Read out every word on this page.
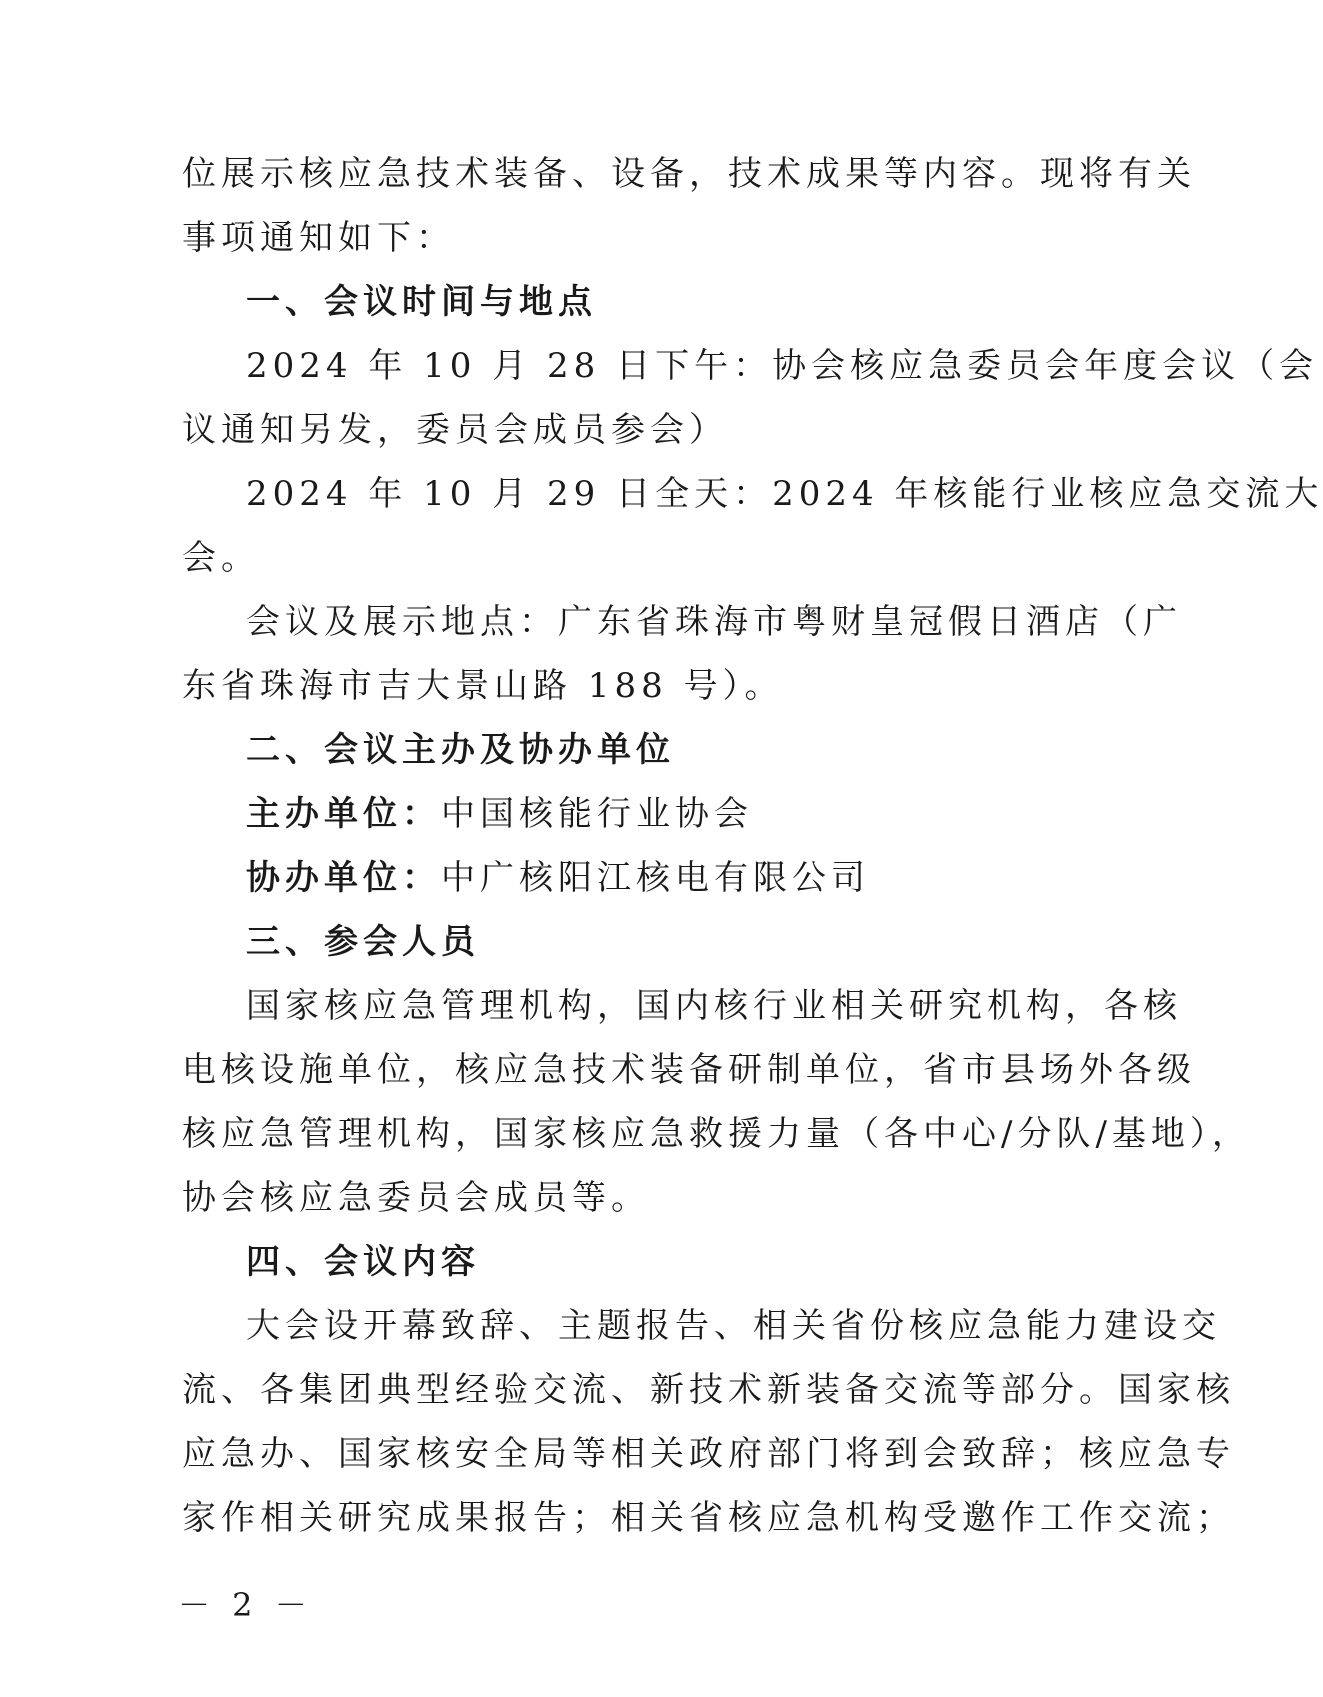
位展示核应急技术装备、设备，技术成果等内容。现将有关
事项通知如下：
一、会议时间与地点
2024 年 10 月 28 日下午：协会核应急委员会年度会议（会
议通知另发，委员会成员参会）
2024 年 10 月 29 日全天：2024 年核能行业核应急交流大
会。
会议及展示地点：广东省珠海市粤财皇冠假日酒店（广
东省珠海市吉大景山路 188 号）。
二、会议主办及协办单位
主办单位：中国核能行业协会
协办单位：中广核阳江核电有限公司
三、参会人员
国家核应急管理机构，国内核行业相关研究机构，各核
电核设施单位，核应急技术装备研制单位，省市县场外各级
核应急管理机构，国家核应急救援力量（各中心/分队/基地），
协会核应急委员会成员等。
四、会议内容
大会设开幕致辞、主题报告、相关省份核应急能力建设交
流、各集团典型经验交流、新技术新装备交流等部分。国家核
应急办、国家核安全局等相关政府部门将到会致辞；核应急专
家作相关研究成果报告；相关省核应急机构受邀作工作交流；
－ 2 －
